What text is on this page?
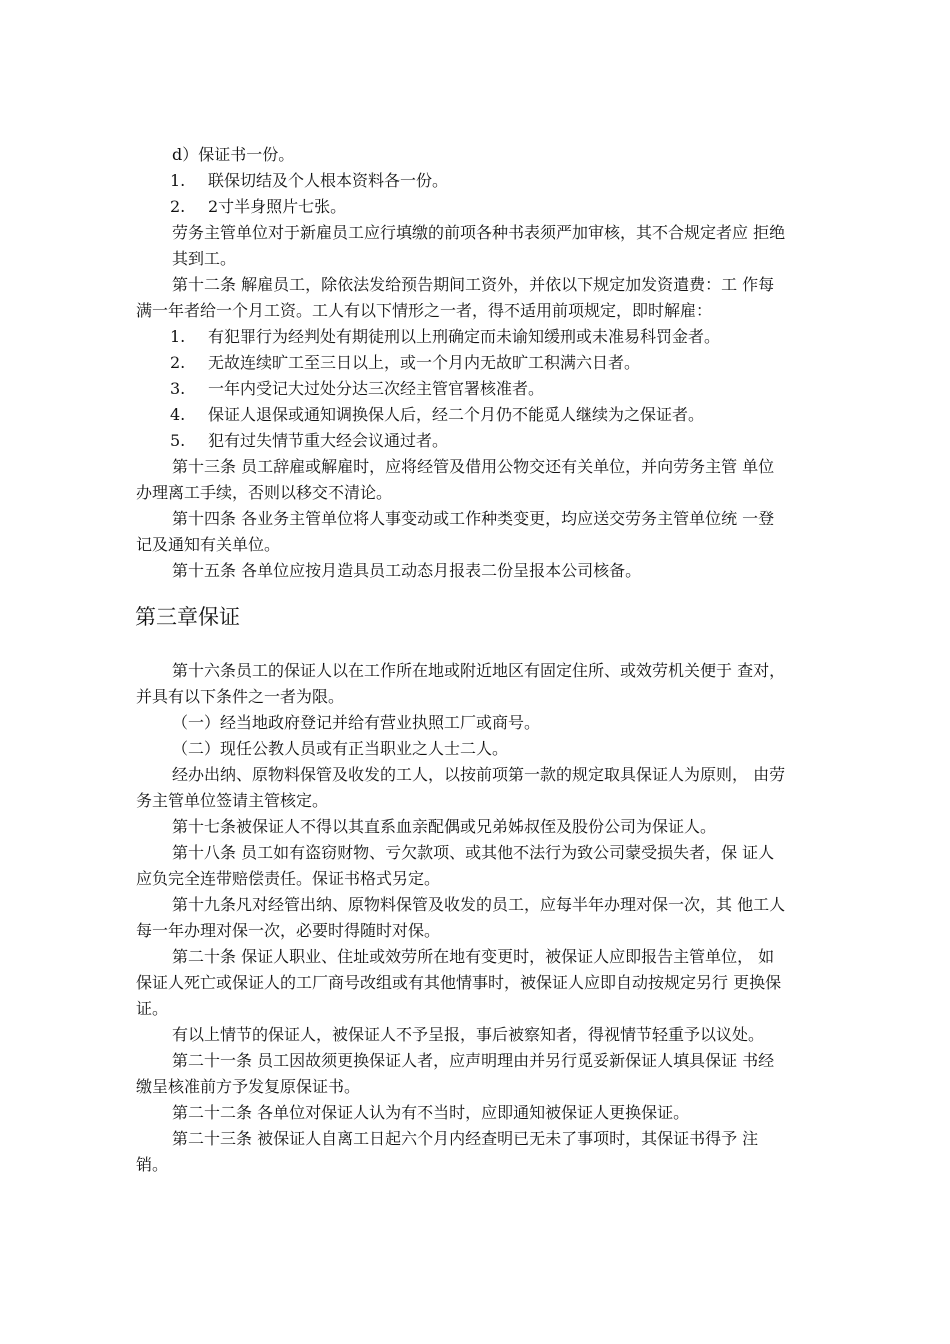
d）保证书一份。
1. 联保切结及个人根本资料各一份。
2. 2寸半身照片七张。
劳务主管单位对于新雇员工应行填缴的前项各种书表须严加审核，其不合规定者应 拒绝
其到工。
第十二条 解雇员工，除依法发给预告期间工资外，并依以下规定加发资遣费：工 作每
满一年者给一个月工资。工人有以下情形之一者，得不适用前项规定，即时解雇：
1. 有犯罪行为经判处有期徒刑以上刑确定而未谕知缓刑或未准易科罚金者。
2. 无故连续旷工至三日以上，或一个月内无故旷工积满六日者。
3. 一年内受记大过处分达三次经主管官署核准者。
4. 保证人退保或通知调换保人后，经二个月仍不能觅人继续为之保证者。
5. 犯有过失情节重大经会议通过者。
第十三条 员工辞雇或解雇时，应将经管及借用公物交还有关单位，并向劳务主管 单位
办理离工手续，否则以移交不清论。
第十四条 各业务主管单位将人事变动或工作种类变更，均应送交劳务主管单位统 一登
记及通知有关单位。
第十五条 各单位应按月造具员工动态月报表二份呈报本公司核备。
第三章保证
第十六条员工的保证人以在工作所在地或附近地区有固定住所、或效劳机关便于 查对，
并具有以下条件之一者为限。
（一）经当地政府登记并给有营业执照工厂或商号。
（二）现任公教人员或有正当职业之人士二人。
经办出纳、原物料保管及收发的工人，以按前项第一款的规定取具保证人为原则， 由劳
务主管单位签请主管核定。
第十七条被保证人不得以其直系血亲配偶或兄弟姊叔侄及股份公司为保证人。
第十八条 员工如有盗窃财物、亏欠款项、或其他不法行为致公司蒙受损失者，保 证人
应负完全连带赔偿责任。保证书格式另定。
第十九条凡对经管出纳、原物料保管及收发的员工，应每半年办理对保一次，其 他工人
每一年办理对保一次，必要时得随时对保。
第二十条 保证人职业、住址或效劳所在地有变更时，被保证人应即报告主管单位， 如
保证人死亡或保证人的工厂商号改组或有其他情事时，被保证人应即自动按规定另行 更换保
证。
有以上情节的保证人，被保证人不予呈报，事后被察知者，得视情节轻重予以议处。
第二十一条 员工因故须更换保证人者，应声明理由并另行觅妥新保证人填具保证 书经
缴呈核准前方予发复原保证书。
第二十二条 各单位对保证人认为有不当时，应即通知被保证人更换保证。
第二十三条 被保证人自离工日起六个月内经查明已无未了事项时，其保证书得予 注
销。
